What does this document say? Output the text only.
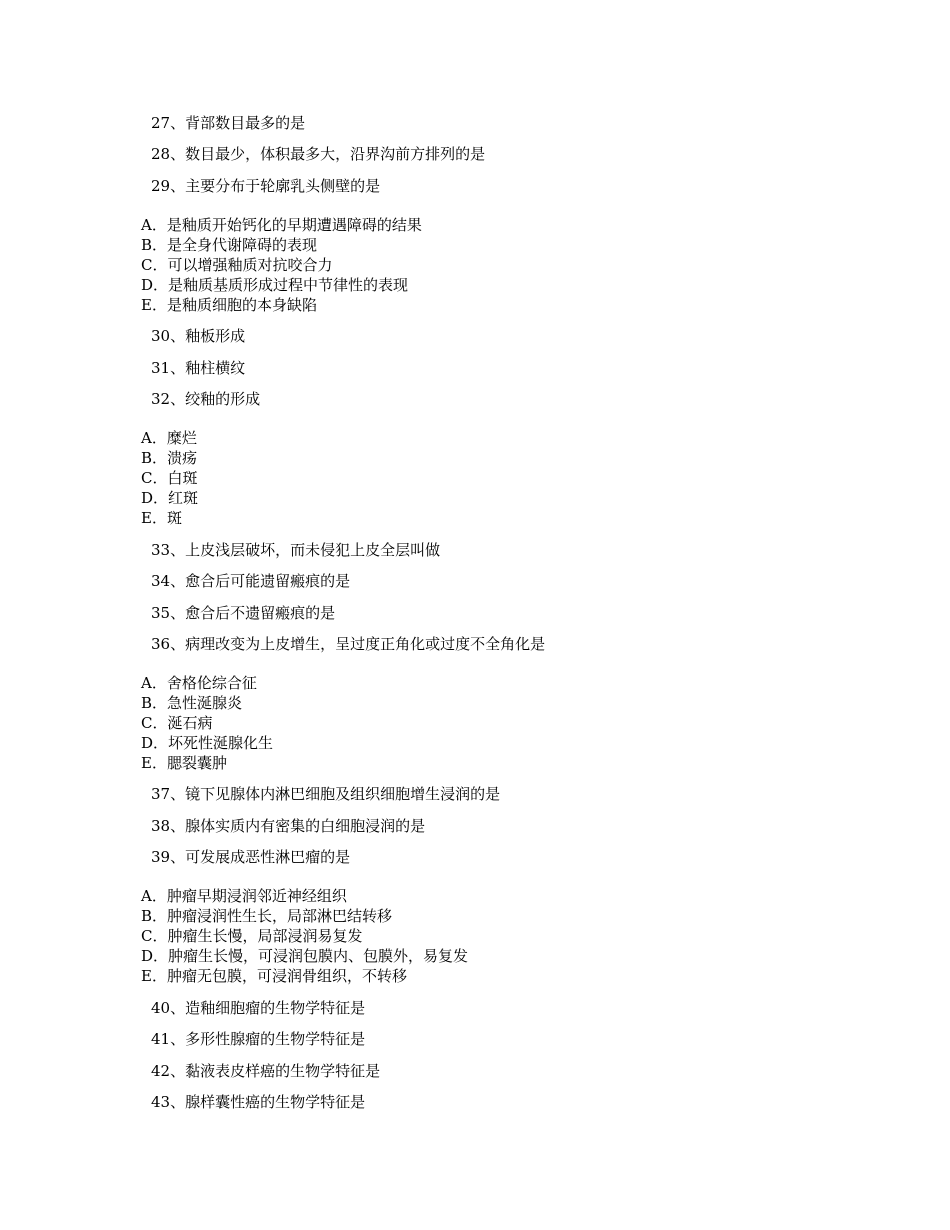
27、背部数目最多的是
28、数目最少，体积最多大，沿界沟前方排列的是
29、主要分布于轮廓乳头侧壁的是
A．是釉质开始钙化的早期遭遇障碍的结果
B．是全身代谢障碍的表现
C．可以增强釉质对抗咬合力
D．是釉质基质形成过程中节律性的表现
E．是釉质细胞的本身缺陷
30、釉板形成
31、釉柱横纹
32、绞釉的形成
A．糜烂
B．溃疡
C．白斑
D．红斑
E．斑
33、上皮浅层破坏，而未侵犯上皮全层叫做
34、愈合后可能遗留瘢痕的是
35、愈合后不遗留瘢痕的是
36、病理改变为上皮增生，呈过度正角化或过度不全角化是
A．舍格伦综合征
B．急性涎腺炎
C．涎石病
D．坏死性涎腺化生
E．腮裂囊肿
37、镜下见腺体内淋巴细胞及组织细胞增生浸润的是
38、腺体实质内有密集的白细胞浸润的是
39、可发展成恶性淋巴瘤的是
A．肿瘤早期浸润邻近神经组织
B．肿瘤浸润性生长，局部淋巴结转移
C．肿瘤生长慢，局部浸润易复发
D．肿瘤生长慢，可浸润包膜内、包膜外，易复发
E．肿瘤无包膜，可浸润骨组织，不转移
40、造釉细胞瘤的生物学特征是
41、多形性腺瘤的生物学特征是
42、黏液表皮样癌的生物学特征是
43、腺样囊性癌的生物学特征是
